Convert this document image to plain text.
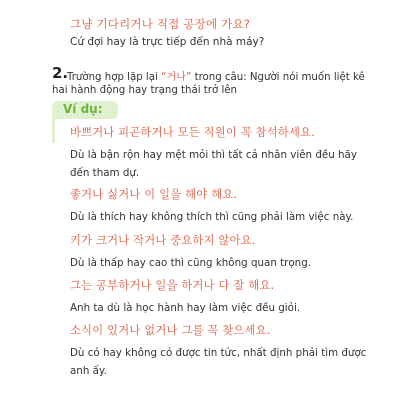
그냥 기다리거나 직접 공장에 가요?
Cứ đợi hay là trực tiếp đến nhà máy?
2.
Trường hợp lặp lại “거나” trong câu: Người nói muốn liệt kê
hai hành động hay trạng thái trở lên
Ví dụ:
바쁘거나 피곤하거나 모든 직원이 꼭 참석하세요.
Dù là bận rộn hay mệt mỏi thì tất cả nhân viên đều hãy đến tham dự.
좋거나 싫거나 이 일을 해야 해요.
Dù là thích hay không thích thì cũng phải làm việc này.
키가 크거나 작거나 중요하지 않아요.
Dù là thấp hay cao thì cũng không quan trọng.
그는 공부하거나 일을 하거나 다 잘 해요.
Anh ta dù là học hành hay làm việc đều giỏi.
소식이 있거나 없거나 그를 꼭 찾으세요.
Dù có hay không có được tin tức, nhất định phải tìm được anh ấy.
